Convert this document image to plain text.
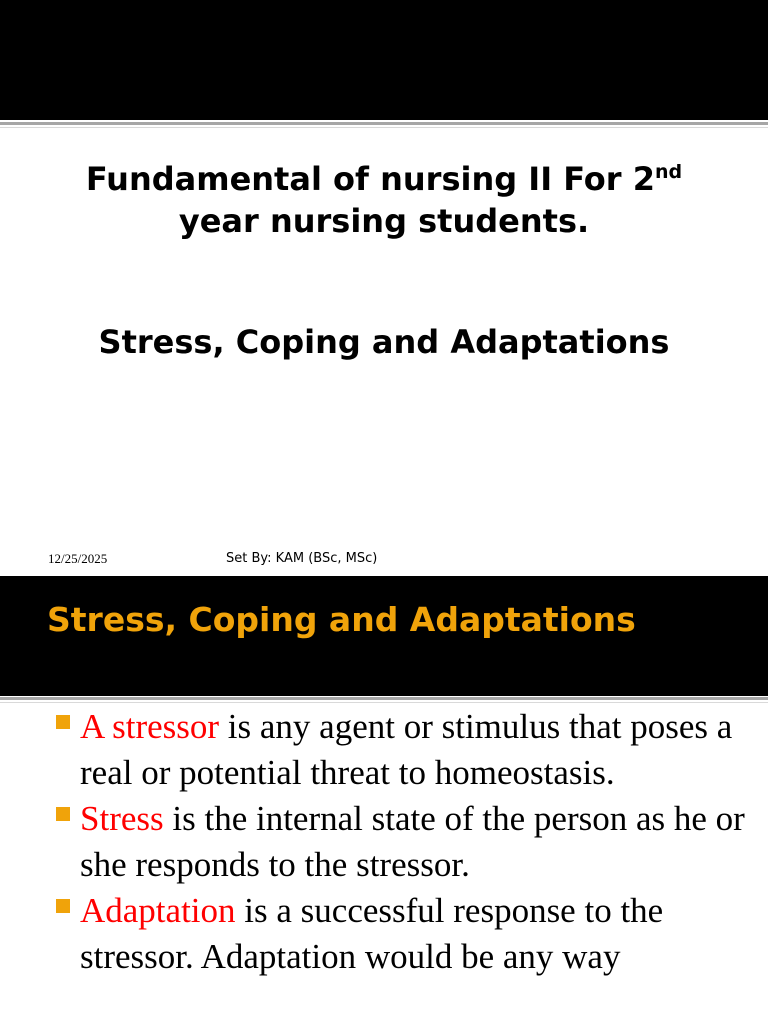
Fundamental of nursing II For 2nd
year nursing students.
Stress, Coping and Adaptations
12/25/2025	Set By: KAM (BSc, MSc)
Stress, Coping and Adaptations
A stressor is any agent or stimulus that poses a real or potential threat to homeostasis.
Stress is the internal state of the person as he or she responds to the stressor.
Adaptation is a successful response to the stressor. Adaptation would be any way
